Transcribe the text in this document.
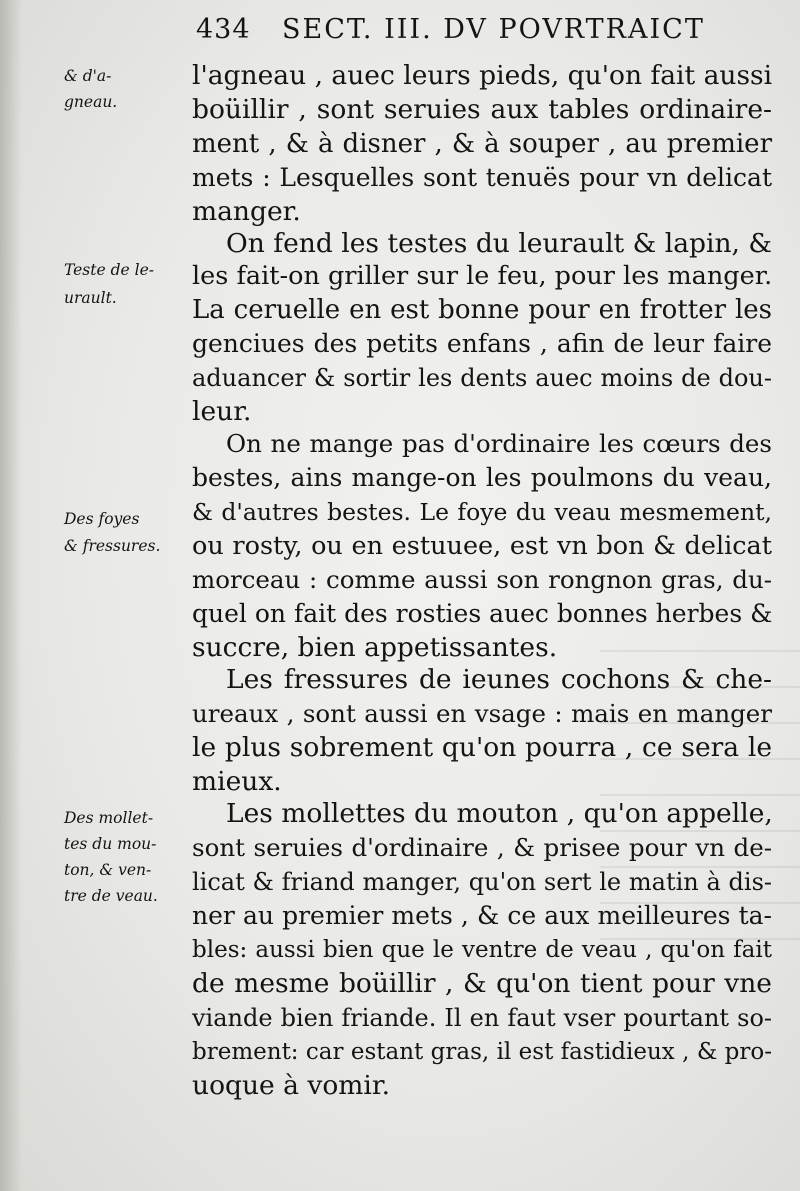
434 SECT. III. DV POVRTRAICT
& d'a-
gneau.
Teste de le-
urault.
Des foyes
& fressures.
Des mollet-
tes du mou-
ton, & ven-
tre de veau.
l'agneau , auec leurs pieds, qu'on fait aussi
boüillir , sont seruies aux tables ordinaire-
ment , & à disner , & à souper , au premier
mets : Lesquelles sont tenuës pour vn delicat
manger.
On fend les testes du leurault & lapin, &
les fait-on griller sur le feu, pour les manger.
La ceruelle en est bonne pour en frotter les
genciues des petits enfans , afin de leur faire
aduancer & sortir les dents auec moins de dou-
leur.
On ne mange pas d'ordinaire les cœurs des
bestes, ains mange-on les poulmons du veau,
& d'autres bestes. Le foye du veau mesmement,
ou rosty, ou en estuuee, est vn bon & delicat
morceau : comme aussi son rongnon gras, du-
quel on fait des rosties auec bonnes herbes &
succre, bien appetissantes.
Les fressures de ieunes cochons & che-
ureaux , sont aussi en vsage : mais en manger
le plus sobrement qu'on pourra , ce sera le
mieux.
Les mollettes du mouton , qu'on appelle,
sont seruies d'ordinaire , & prisee pour vn de-
licat & friand manger, qu'on sert le matin à dis-
ner au premier mets , & ce aux meilleures ta-
bles: aussi bien que le ventre de veau , qu'on fait
de mesme boüillir , & qu'on tient pour vne
viande bien friande. Il en faut vser pourtant so-
brement: car estant gras, il est fastidieux , & pro-
uoque à vomir.
